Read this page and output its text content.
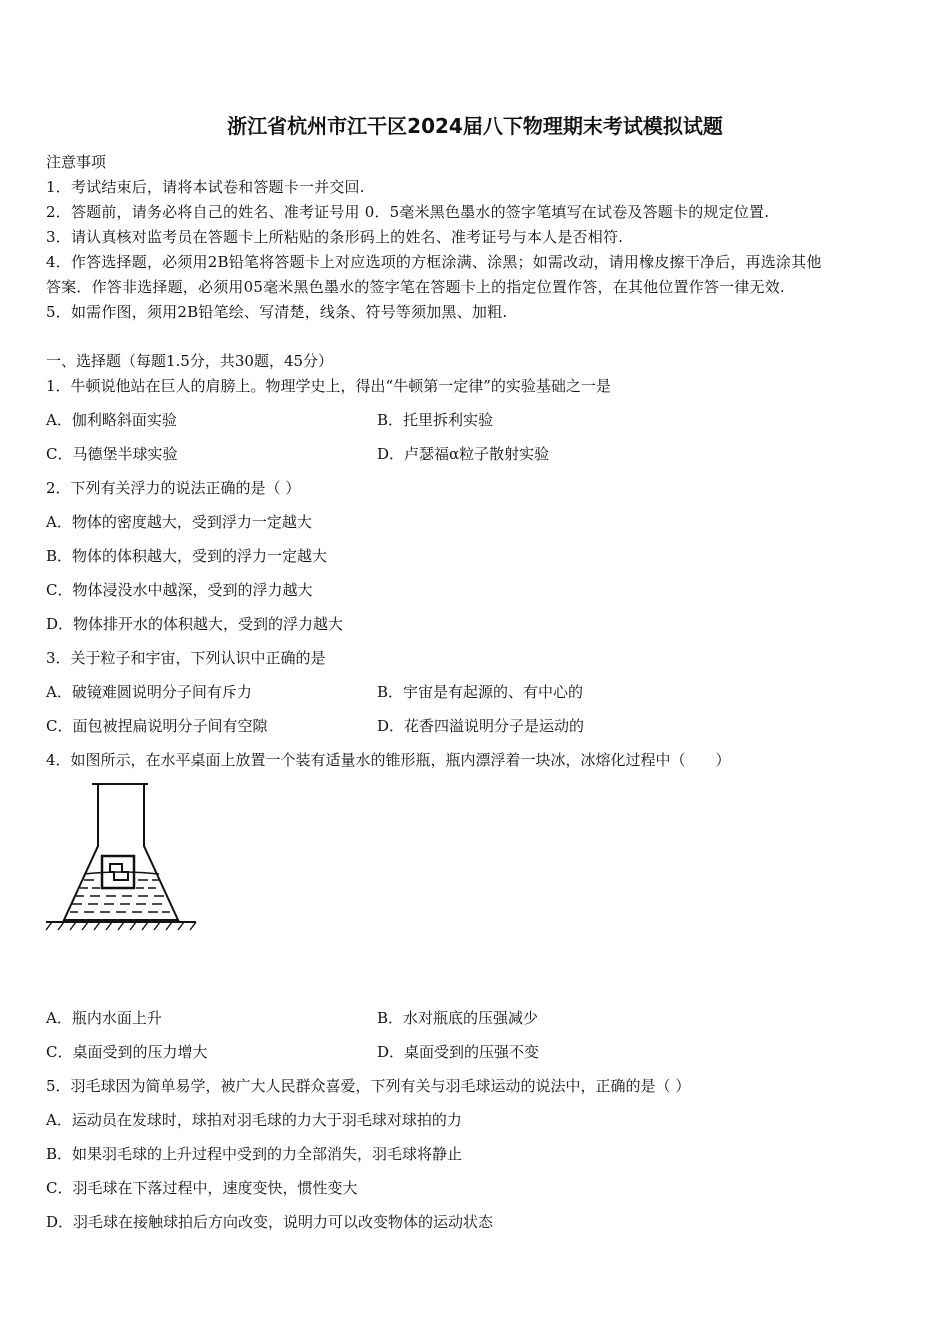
浙江省杭州市江干区2024届八下物理期末考试模拟试题
注意事项
1．考试结束后，请将本试卷和答题卡一并交回.
2．答题前，请务必将自己的姓名、准考证号用 0．5毫米黑色墨水的签字笔填写在试卷及答题卡的规定位置.
3．请认真核对监考员在答题卡上所粘贴的条形码上的姓名、准考证号与本人是否相符.
4．作答选择题，必须用2B铅笔将答题卡上对应选项的方框涂满、涂黑；如需改动，请用橡皮擦干净后，再选涂其他
答案．作答非选择题，必须用05毫米黑色墨水的签字笔在答题卡上的指定位置作答，在其他位置作答一律无效.
5．如需作图，须用2B铅笔绘、写清楚，线条、符号等须加黑、加粗.
一、选择题（每题1.5分，共30题，45分）
1．牛顿说他站在巨人的肩膀上。物理学史上，得出“牛顿第一定律”的实验基础之一是
A．伽利略斜面实验	B．托里拆利实验
C．马德堡半球实验	D．卢瑟福α粒子散射实验
2．下列有关浮力的说法正确的是（ ）
A．物体的密度越大，受到浮力一定越大
B．物体的体积越大，受到的浮力一定越大
C．物体浸没水中越深，受到的浮力越大
D．物体排开水的体积越大，受到的浮力越大
3．关于粒子和宇宙，下列认识中正确的是
A．破镜难圆说明分子间有斥力	B．宇宙是有起源的、有中心的
C．面包被捏扁说明分子间有空隙	D．花香四溢说明分子是运动的
4．如图所示，在水平桌面上放置一个装有适量水的锥形瓶，瓶内漂浮着一块冰，冰熔化过程中（　　）
A．瓶内水面上升	B．水对瓶底的压强减少
C．桌面受到的压力增大	D．桌面受到的压强不变
5．羽毛球因为简单易学，被广大人民群众喜爱，下列有关与羽毛球运动的说法中，正确的是（ ）
A．运动员在发球时，球拍对羽毛球的力大于羽毛球对球拍的力
B．如果羽毛球的上升过程中受到的力全部消失，羽毛球将静止
C．羽毛球在下落过程中，速度变快，惯性变大
D．羽毛球在接触球拍后方向改变，说明力可以改变物体的运动状态
